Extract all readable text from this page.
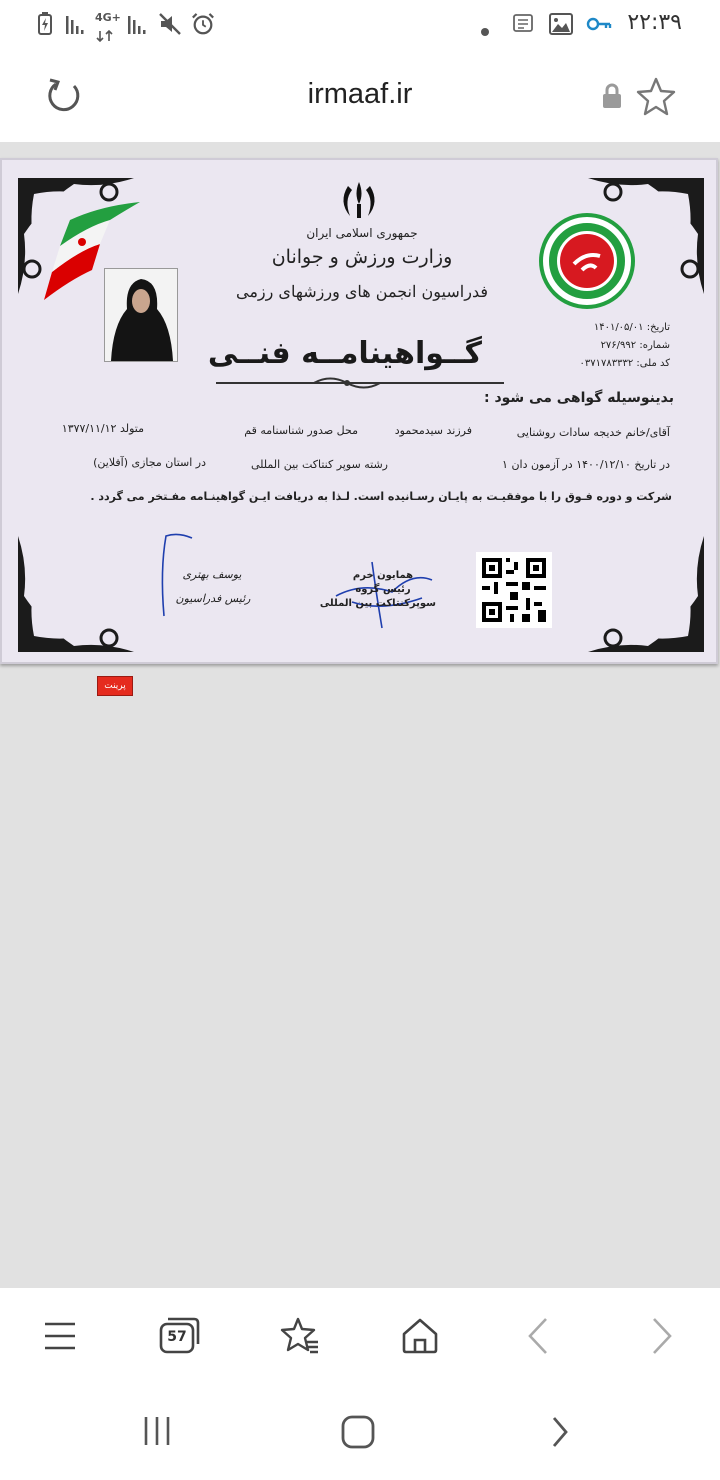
4G+	۲۲:۳۹
irmaaf.ir
جمهوری اسلامی ایران
وزارت ورزش و جوانان
فدراسیون انجمن های ورزشهای رزمی
گــواهینامــه فنــی
تاریخ: ۱۴۰۱/۰۵/۰۱
شماره: ۲۷۶/۹۹۲
کد ملی: ۰۳۷۱۷۸۳۳۳۲
بدینوسیله گواهی می شود :
آقای/خانم خدیجه سادات روشنایی
فرزند سیدمحمود
محل صدور شناسنامه قم
متولد ۱۳۷۷/۱۱/۱۲
در تاریخ ۱۴۰۰/۱۲/۱۰ در آزمون دان ۱
رشته سوپر کنتاکت بین المللی
در استان مجازی (آفلاین)
شرکت و دوره فـوق را با موفقیـت به پایـان رسـانیده است. لـذا به دریافت ایـن گواهینـامه مفـتخر می گردد .
یوسف بهتری
رئیس فدراسیون
همایون خرم
رئیس گروه
سوپرکنتاکت بین المللی
پرینت
57
